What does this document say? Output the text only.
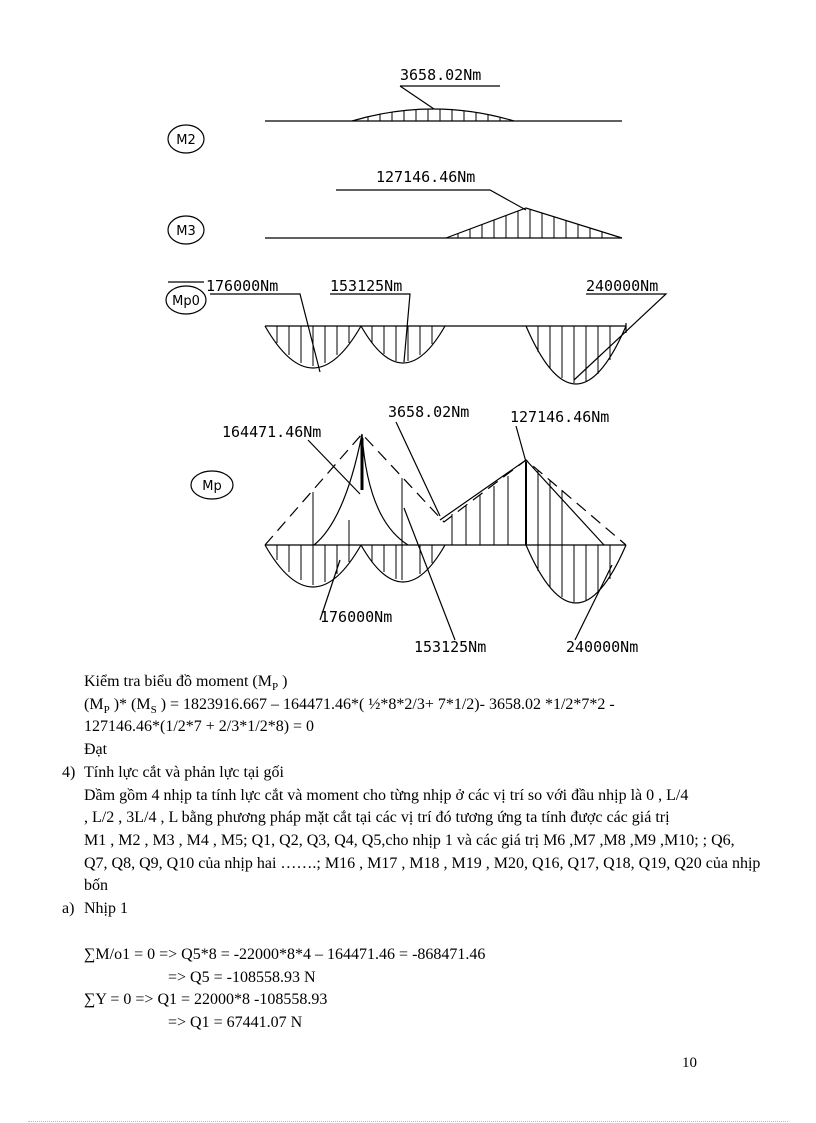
M2
3658.02Nm
M3
127146.46Nm
Mp0
176000Nm	153125Nm	240000Nm
Mp
164471.46Nm
3658.02Nm	127146.46Nm
176000Nm
153125Nm	240000Nm
Kiểm tra biểu đồ moment ($M_P$ )
($M_P$ )* ($M_S$ ) = 1823916.667 – 164471.46*( ½*8*2/3+ 7*1/2)- 3658.02 *1/2*7*2 -
127146.46*(1/2*7 + 2/3*1/2*8) = 0
Đạt
4) Tính lực cắt và phản lực tại gối
Dầm gồm 4 nhịp ta tính lực cắt và moment cho từng nhịp ở các vị trí so với đầu nhịp là 0 , L/4
, L/2 , 3L/4 , L bằng phương pháp mặt cắt tại các vị trí đó tương ứng ta tính được các giá trị
M1 , M2 , M3 , M4 , M5; Q1, Q2, Q3, Q4, Q5,cho nhịp 1 và các giá trị M6 ,M7 ,M8 ,M9 ,M10; ; Q6,
Q7, Q8, Q9, Q10 của nhịp hai …….; M16 , M17 , M18 , M19 , M20, Q16, Q17, Q18, Q19, Q20 của nhịp
bốn
a) Nhịp 1
∑M/o1 = 0 => Q5*8 = -22000*8*4 – 164471.46 = -868471.46
=> Q5 = -108558.93 N
∑Y = 0 => Q1 = 22000*8 -108558.93
=> Q1 = 67441.07 N
10
